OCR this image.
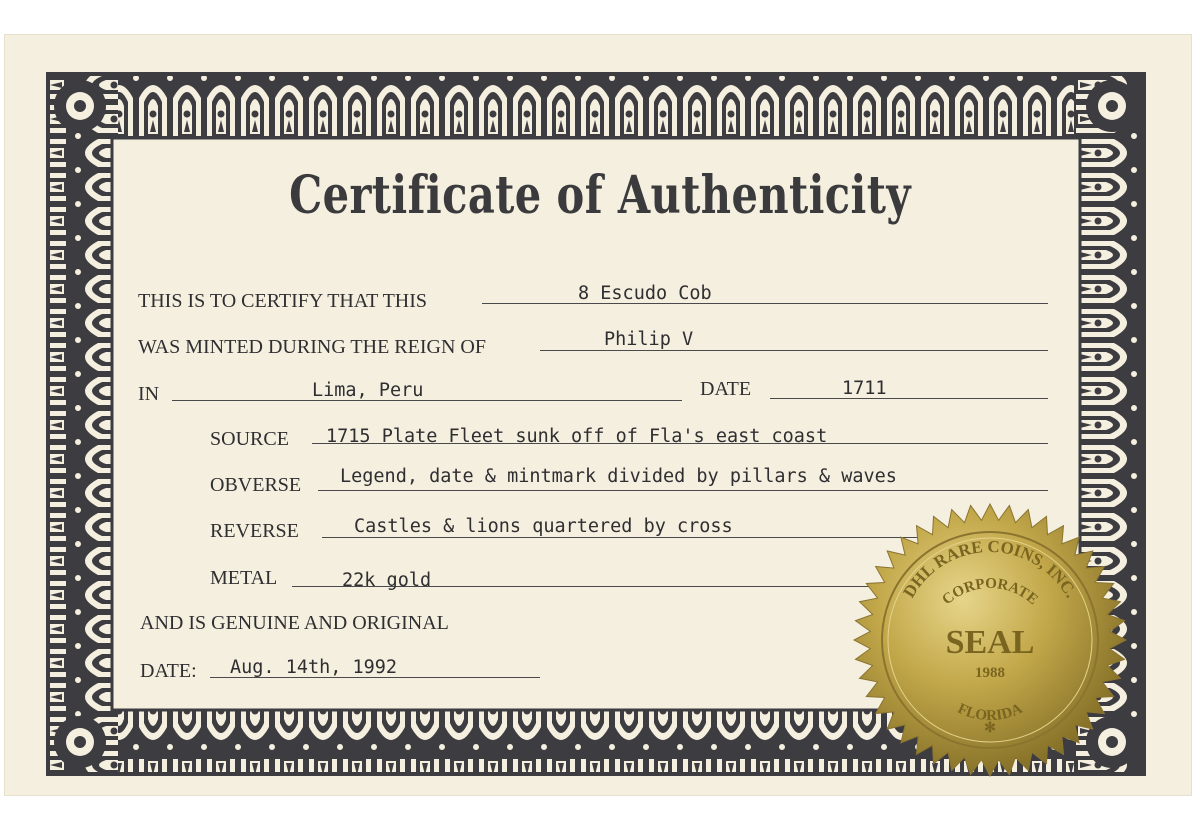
Certificate of Authenticity
THIS IS TO CERTIFY THAT THIS	8 Escudo Cob
WAS MINTED DURING THE REIGN OF	Philip V
IN	Lima, Peru	DATE	1711
SOURCE 1715 Plate Fleet sunk off of Fla's east coast
OBVERSE Legend, date & mintmark divided by pillars & waves
REVERSE	Castles & lions quartered by cross
METAL	22k gold
AND IS GENUINE AND ORIGINAL
DATE: Aug. 14th, 1992
DHL RARE COINS, INC.
CORPORATE
SEAL
1988
FLORIDA
✻
